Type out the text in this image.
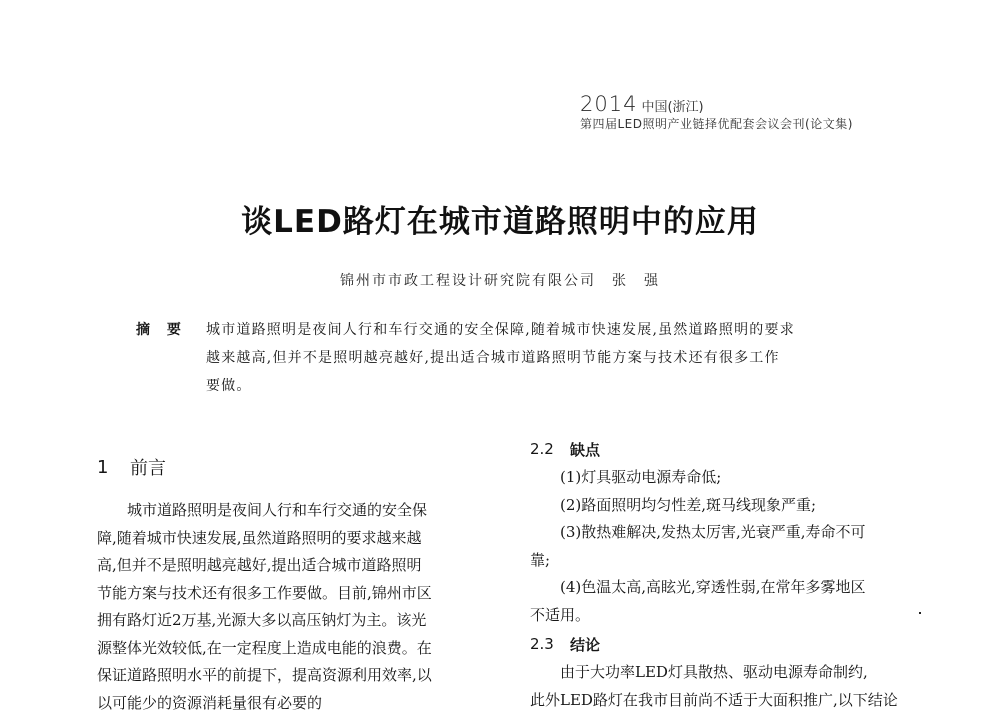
2014 中国(浙江)
第四届LED照明产业链择优配套会议会刊(论文集)
谈LED路灯在城市道路照明中的应用
锦州市市政工程设计研究院有限公司　张　强
摘 要 城市道路照明是夜间人行和车行交通的安全保障,随着城市快速发展,虽然道路照明的要求
越来越高,但并不是照明越亮越好,提出适合城市道路照明节能方案与技术还有很多工作
要做。
1	前言
城市道路照明是夜间人行和车行交通的安全保
障,随着城市快速发展,虽然道路照明的要求越来越
高,但并不是照明越亮越好,提出适合城市道路照明
节能方案与技术还有很多工作要做。目前,锦州市区
拥有路灯近2万基,光源大多以高压钠灯为主。该光
源整体光效较低,在一定程度上造成电能的浪费。在
保证道路照明水平的前提下，提高资源利用效率,以
以可能少的资源消耗量很有必要的
2.2	缺点
(1)灯具驱动电源寿命低;
(2)路面照明均匀性差,斑马线现象严重;
(3)散热难解决,发热太厉害,光衰严重,寿命不可
靠;
(4)色温太高,高眩光,穿透性弱,在常年多雾地区
不适用。
2.3	结论
由于大功率LED灯具散热、驱动电源寿命制约,
此外LED路灯在我市目前尚不适于大面积推广,以下结论
